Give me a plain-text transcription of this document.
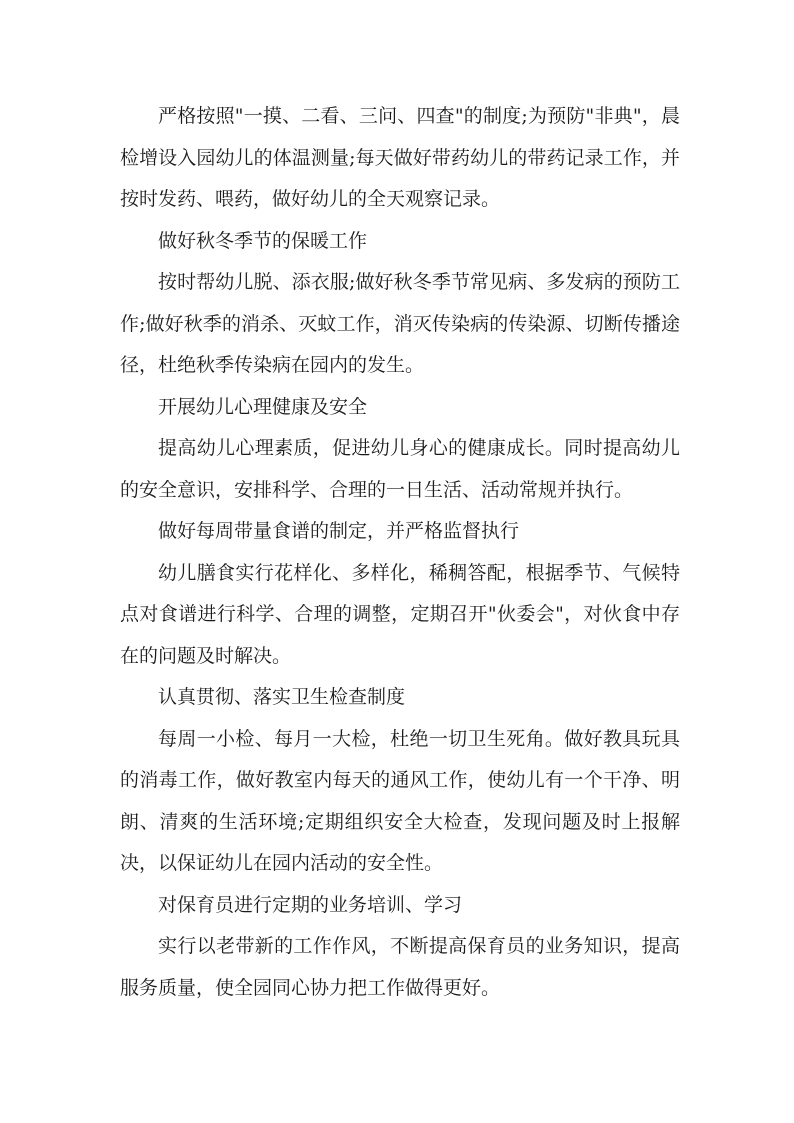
严格按照"一摸、二看、三问、四查"的制度;为预防"非典"，晨检增设入园幼儿的体温测量;每天做好带药幼儿的带药记录工作，并按时发药、喂药，做好幼儿的全天观察记录。

做好秋冬季节的保暖工作

按时帮幼儿脱、添衣服;做好秋冬季节常见病、多发病的预防工作;做好秋季的消杀、灭蚊工作，消灭传染病的传染源、切断传播途径，杜绝秋季传染病在园内的发生。

开展幼儿心理健康及安全

提高幼儿心理素质，促进幼儿身心的健康成长。同时提高幼儿的安全意识，安排科学、合理的一日生活、活动常规并执行。

做好每周带量食谱的制定，并严格监督执行

幼儿膳食实行花样化、多样化，稀稠答配，根据季节、气候特点对食谱进行科学、合理的调整，定期召开"伙委会"，对伙食中存在的问题及时解决。

认真贯彻、落实卫生检查制度

每周一小检、每月一大检，杜绝一切卫生死角。做好教具玩具的消毒工作，做好教室内每天的通风工作，使幼儿有一个干净、明朗、清爽的生活环境;定期组织安全大检查，发现问题及时上报解决，以保证幼儿在园内活动的安全性。

对保育员进行定期的业务培训、学习

实行以老带新的工作作风，不断提高保育员的业务知识，提高服务质量，使全园同心协力把工作做得更好。
